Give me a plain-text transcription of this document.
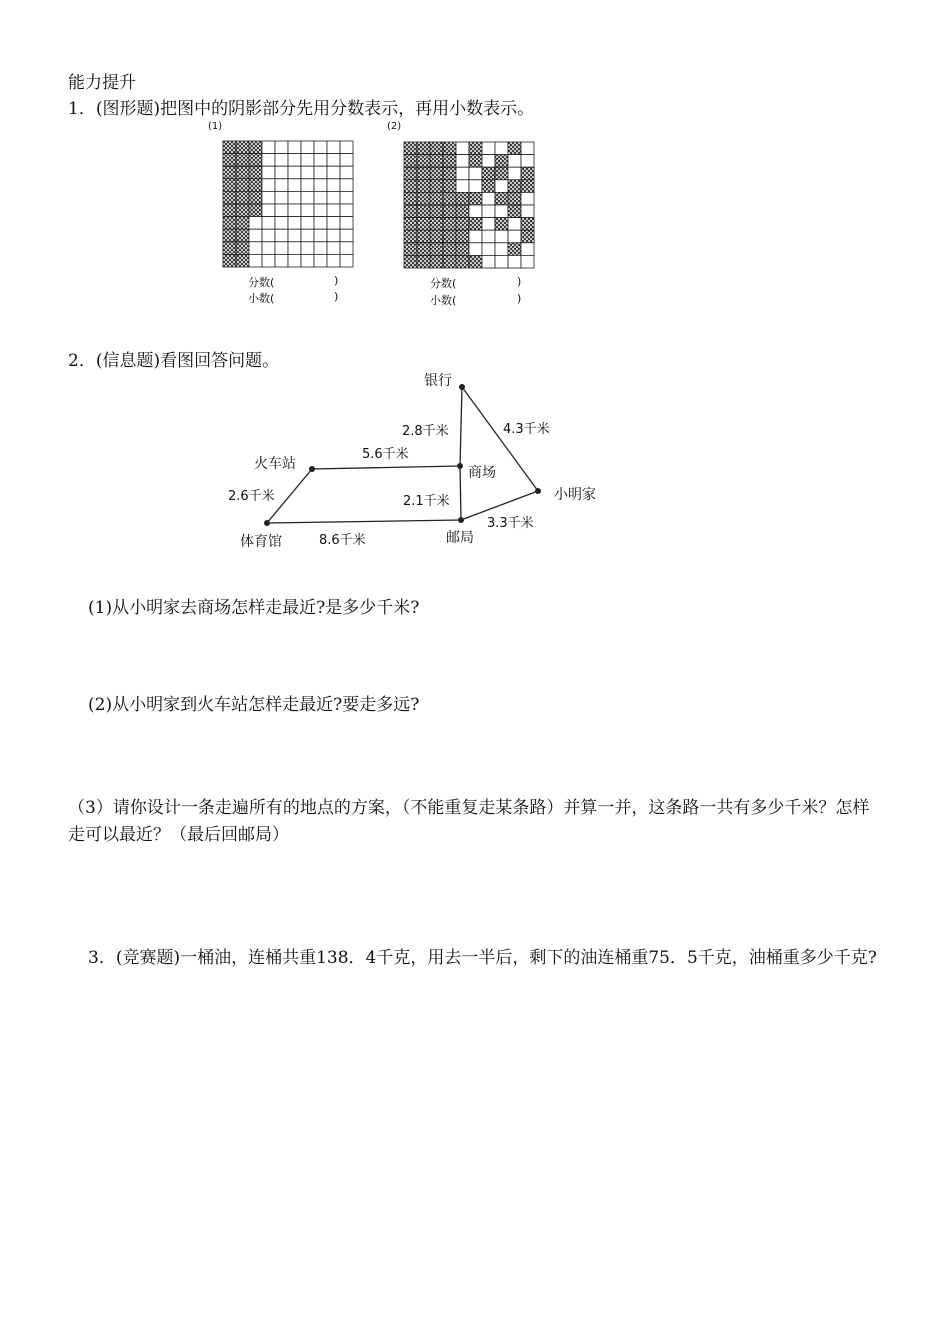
能力提升
1．(图形题)把图中的阴影部分先用分数表示，再用小数表示。
(1)
分数(	)
小数(	)
(2)
分数(	)
小数(	)
2．(信息题)看图回答问题。
银行
火车站
商场
小明家
体育馆	邮局
2.8千米	4.3千米
5.6千米
2.6千米	2.1千米
3.3千米
8.6千米
(1)从小明家去商场怎样走最近?是多少千米?
(2)从小明家到火车站怎样走最近?要走多远?
（3）请你设计一条走遍所有的地点的方案，（不能重复走某条路）并算一并，这条路一共有多少千米？怎样走可以最近？（最后回邮局）
3．(竞赛题)一桶油，连桶共重138．4千克，用去一半后，剩下的油连桶重75．5千克，油桶重多少千克?
